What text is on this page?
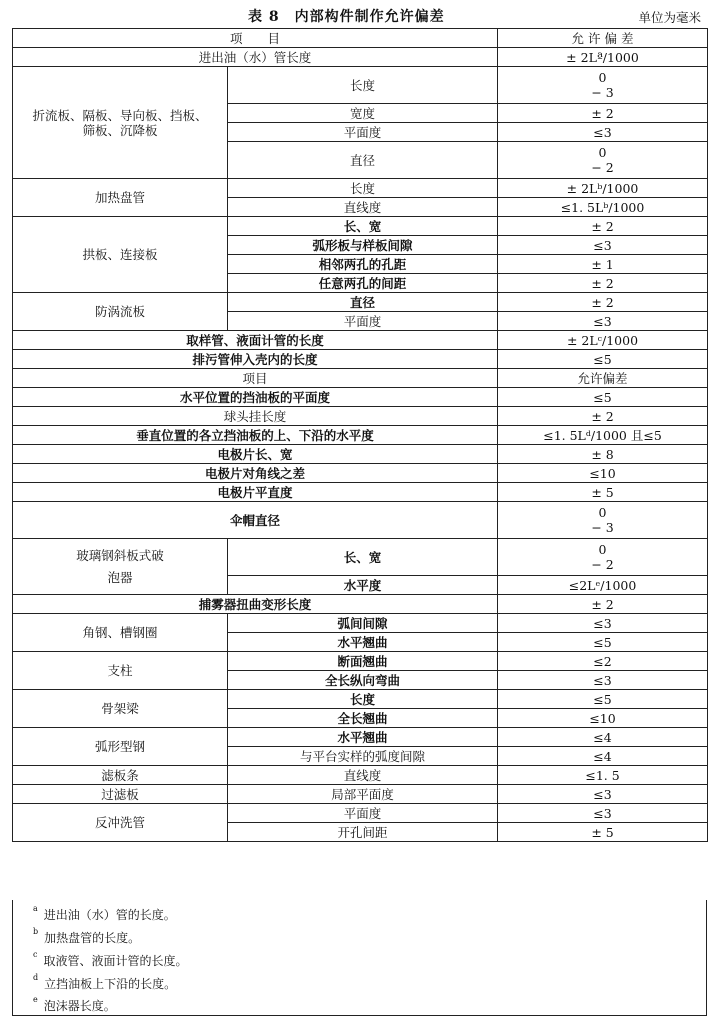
表 8　内部构件制作允许偏差	单位为毫米
项　　目		允 许 偏 差
进出油（水）管长度		± 2Lª/1000
折流板、隔板、导向板、挡板、筛板、沉降板	长度	0
− 3

	宽度	± 2
	平面度	≤3
	直径	0
− 2

加热盘管	长度	± 2Lᵇ/1000
	直线度	≤1. 5Lᵇ/1000
拱板、连接板	长、宽	± 2
	弧形板与样板间隙	≤3
	相邻两孔的孔距	± 1
	任意两孔的间距	± 2
防涡流板	直径	± 2
	平面度	≤3
取样管、液面计管的长度		± 2Lᶜ/1000
排污管伸入壳内的长度		≤5
项目		允许偏差
水平位置的挡油板的平面度		≤5
球头挂长度		± 2
垂直位置的各立挡油板的上、下沿的水平度		≤1. 5Lᵈ/1000 且≤5
电极片长、宽		± 8
电极片对角线之差		≤10
电极片平直度		± 5
伞帽直径		0
− 3

玻璃钢斜板式破泡器	长、宽	0
− 2

	水平度	≤2Lᵉ/1000
捕雾器扭曲变形长度		± 2
角钢、槽钢圈	弧间间隙	≤3
	水平翘曲	≤5
支柱	断面翘曲	≤2
	全长纵向弯曲	≤3
骨架梁	长度	≤5
	全长翘曲	≤10
弧形型钢	水平翘曲	≤4
	与平台实样的弧度间隙	≤4
滤板条	直线度	≤1. 5
过滤板	局部平面度	≤3
反冲洗管	平面度	≤3
	开孔间距	± 5
$^a$ 进出油（水）管的长度。
$^b$ 加热盘管的长度。
$^c$ 取液管、液面计管的长度。
$^d$ 立挡油板上下沿的长度。
$^e$ 泡沫器长度。
